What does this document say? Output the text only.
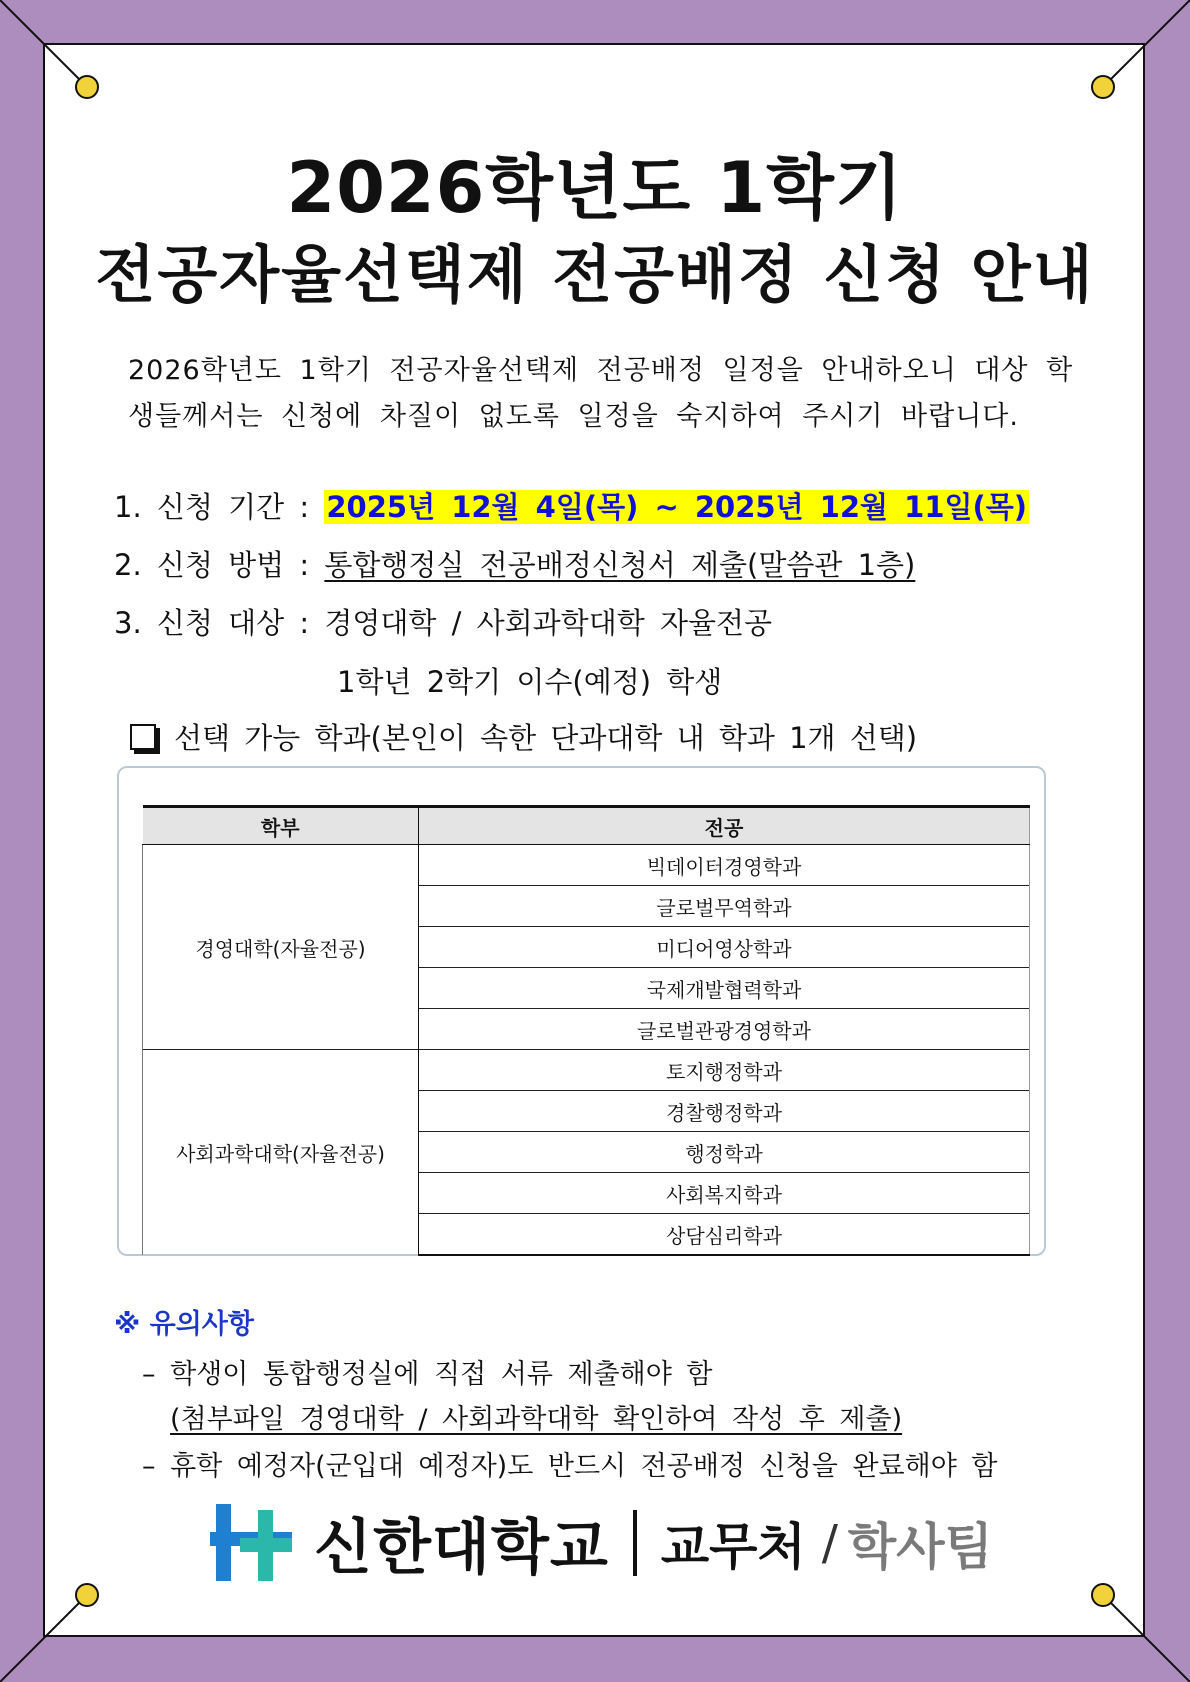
2026학년도 1학기
전공자율선택제 전공배정 신청 안내
2026학년도 1학기 전공자율선택제 전공배정 일정을 안내하오니 대상 학
생들께서는 신청에 차질이 없도록 일정을 숙지하여 주시기 바랍니다.
1. 신청 기간 : 2025년 12월 4일(목) ~ 2025년 12월 11일(목)
2. 신청 방법 : 통합행정실 전공배정신청서 제출(말씀관 1층)
3. 신청 대상 : 경영대학 / 사회과학대학 자율전공
1학년 2학기 이수(예정) 학생
선택 가능 학과(본인이 속한 단과대학 내 학과 1개 선택)
학부	전공
경영대학(자율전공)	빅데이터경영학과
	글로벌무역학과
	미디어영상학과
	국제개발협력학과
	글로벌관광경영학과
사회과학대학(자율전공)	토지행정학과
	경찰행정학과
	행정학과
	사회복지학과
	상담심리학과
※ 유의사항
– 학생이 통합행정실에 직접 서류 제출해야 함
(첨부파일 경영대학 / 사회과학대학 확인하여 작성 후 제출)
– 휴학 예정자(군입대 예정자)도 반드시 전공배정 신청을 완료해야 함
신한대학교 교무처 / 학사팀
